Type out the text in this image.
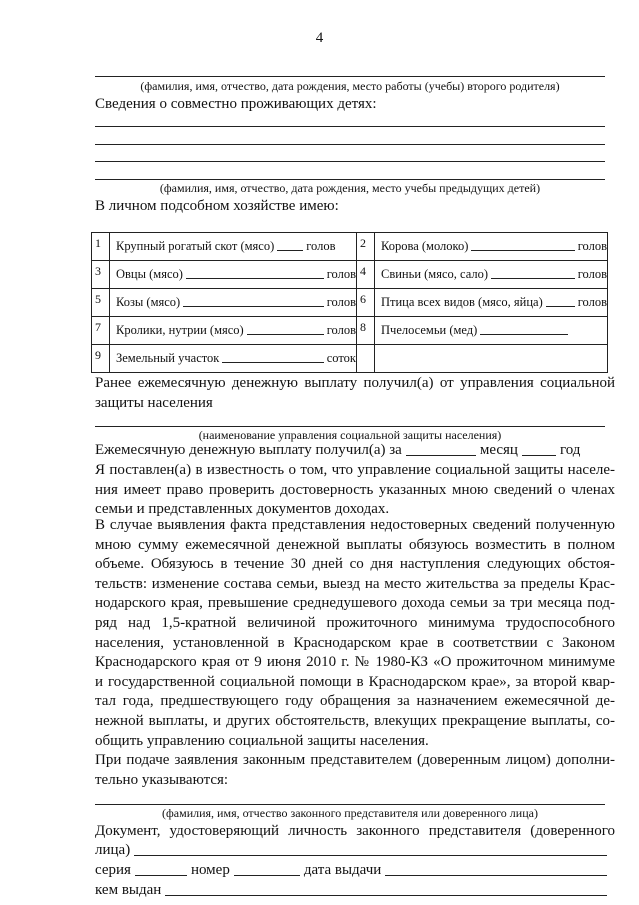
4
(фамилия, имя, отчество, дата рождения, место работы (учебы) второго родителя)
Сведения о совместно проживающих детях:
(фамилия, имя, отчество, дата рождения, место учебы предыдущих детей)
В личном подсобном хозяйстве имею:
1	Крупный рогатый скот (мясо) голов	2	Корова (молоко) голов

3	Овцы (мясо) голов	4	Свиньи (мясо, сало) голов

5	Козы (мясо) голов	6	Птица всех видов (мясо, яйца) голов

7	Кролики, нутрии (мясо) голов	8	Пчелосемьи (мед)

9	Земельный участок соток		

Ранее ежемесячную денежную выплату получил(а) от управления социальной
защиты населения
(наименование управления социальной защиты населения)
Ежемесячную денежную выплату получил(а) за	месяц	год
Я поставлен(а) в известность о том, что управление социальной защиты населе-
ния имеет право проверить достоверность указанных мною сведений о членах
семьи и представленных документов доходах.
В случае выявления факта представления недостоверных сведений полученную
мною сумму ежемесячной денежной выплаты обязуюсь возместить в полном
объеме. Обязуюсь в течение 30 дней со дня наступления следующих обстоя-
тельств: изменение состава семьи, выезд на место жительства за пределы Крас-
нодарского края, превышение среднедушевого дохода семьи за три месяца под-
ряд над 1,5-кратной величиной прожиточного минимума трудоспособного
населения, установленной в Краснодарском крае в соответствии с Законом
Краснодарского края от 9 июня 2010 г. № 1980-КЗ «О прожиточном минимуме
и государственной социальной помощи в Краснодарском крае», за второй квар-
тал года, предшествующего году обращения за назначением ежемесячной де-
нежной выплаты, и других обстоятельств, влекущих прекращение выплаты, со-
общить управлению социальной защиты населения.
При подаче заявления законным представителем (доверенным лицом) дополни-
тельно указываются:
(фамилия, имя, отчество законного представителя или доверенного лица)
Документ, удостоверяющий личность законного представителя (доверенного
лица)
серия	номер	дата выдачи
кем выдан
